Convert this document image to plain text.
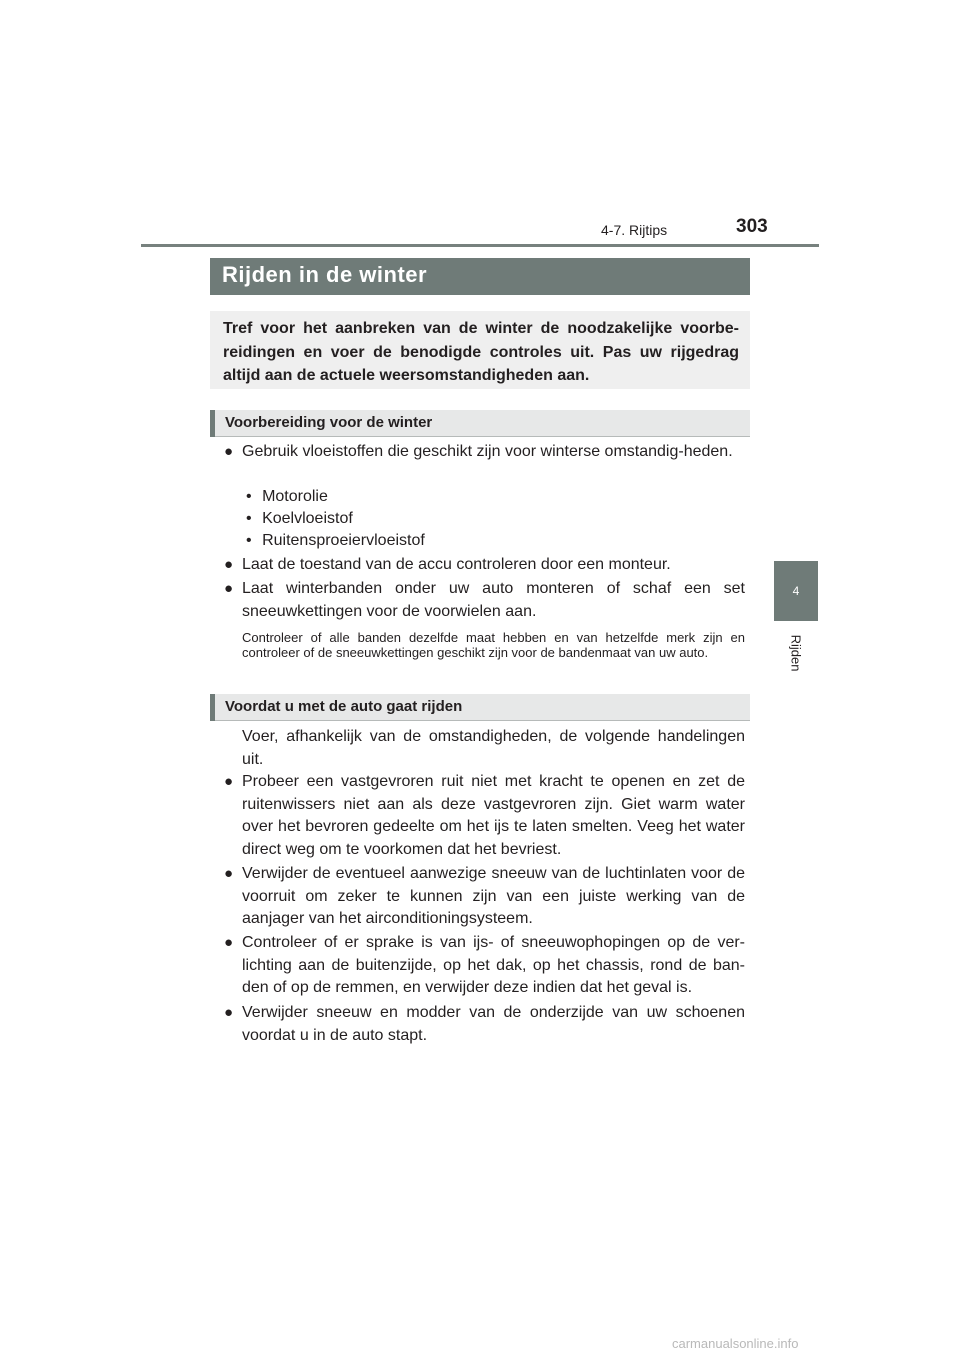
4-7. Rijtips	303
4
Rijden
Rijden in de winter

Tref voor het aanbreken van de winter de noodzakelijke voorbe-reidingen en voer de benodigde controles uit. Pas uw rijgedrag altijd aan de actuele weersomstandigheden aan.

Voorbereiding voor de winter
● Gebruik vloeistoffen die geschikt zijn voor winterse omstandig-heden.
• Motorolie
• Koelvloeistof
• Ruitensproeiervloeistof
● Laat de toestand van de accu controleren door een monteur.
● Laat winterbanden onder uw auto monteren of schaf een set sneeuwkettingen voor de voorwielen aan.
Controleer of alle banden dezelfde maat hebben en van hetzelfde merk zijn en controleer of de sneeuwkettingen geschikt zijn voor de bandenmaat van uw auto.
Voordat u met de auto gaat rijden
Voer, afhankelijk van de omstandigheden, de volgende handelingen uit.
● Probeer een vastgevroren ruit niet met kracht te openen en zet de ruitenwissers niet aan als deze vastgevroren zijn. Giet warm water over het bevroren gedeelte om het ijs te laten smelten. Veeg het water direct weg om te voorkomen dat het bevriest.
● Verwijder de eventueel aanwezige sneeuw van de luchtinlaten voor de voorruit om zeker te kunnen zijn van een juiste werking van de aanjager van het airconditioningsysteem.
● Controleer of er sprake is van ijs- of sneeuwophopingen op de ver-lichting aan de buitenzijde, op het dak, op het chassis, rond de ban-den of op de remmen, en verwijder deze indien dat het geval is.
● Verwijder sneeuw en modder van de onderzijde van uw schoenen voordat u in de auto stapt.
carmanualsonline.info
